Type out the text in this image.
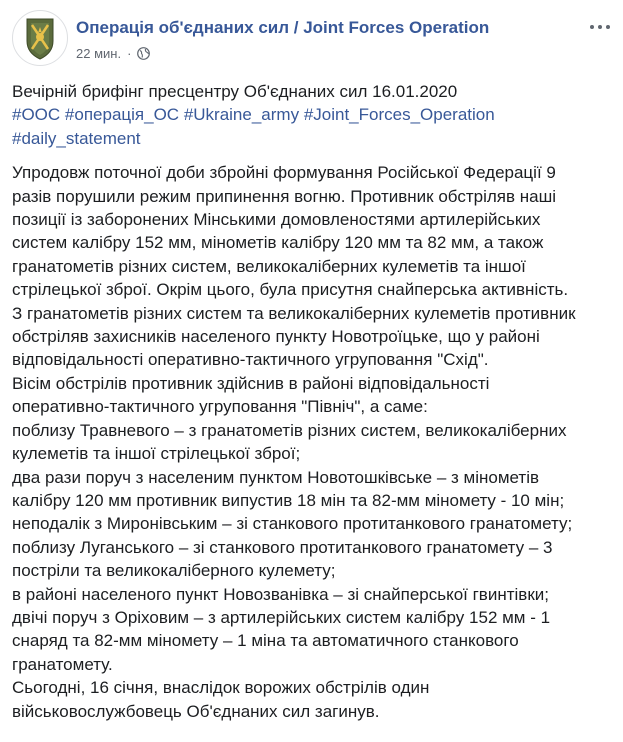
Операція об'єднаних сил / Joint Forces Operation
22 мин. ·

Вечірній брифінг пресцентру Об'єднаних сил 16.01.2020

#ООС #операція_ОС #Ukraine_army #Joint_Forces_Operation
#daily_statement

Упродовж поточної доби збройні формування Російської Федерації 9

разів порушили режим припинення вогню. Противник обстріляв наші

позиції із заборонених Мінськими домовленостями артилерійських

систем калібру 152 мм, мінометів калібру 120 мм та 82 мм, а також

гранатометів різних систем, великокаліберних кулеметів та іншої

стрілецької зброї. Окрім цього, була присутня снайперська активність.

З гранатометів різних систем та великокаліберних кулеметів противник

обстріляв захисників населеного пункту Новотроїцьке, що у районі

відповідальності оперативно-тактичного угруповання "Схід".

Вісім обстрілів противник здійснив в районі відповідальності

оперативно-тактичного угруповання "Північ", а саме:

поблизу Травневого – з гранатометів різних систем, великокаліберних

кулеметів та іншої стрілецької зброї;

два рази поруч з населеним пунктом Новотошківське – з мінометів

калібру 120 мм противник випустив 18 мін та 82-мм мінометy - 10 мін;

неподалік з Миронівським – зі станкового протитанкового гранатомету;

поблизу Луганського – зі станкового протитанкового гранатомету – 3

постріли та великокаліберного кулемету;

в районі населеного пункт Новозванівка – зі снайперської гвинтівки;

двічі поруч з Оріховим – з артилерійських систем калібру 152 мм - 1

снаряд та 82-мм міномету – 1 міна та автоматичного станкового

гранатомету.

Сьогодні, 16 січня, внаслідок ворожих обстрілів один

військовослужбовець Об'єднаних сил загинув.
